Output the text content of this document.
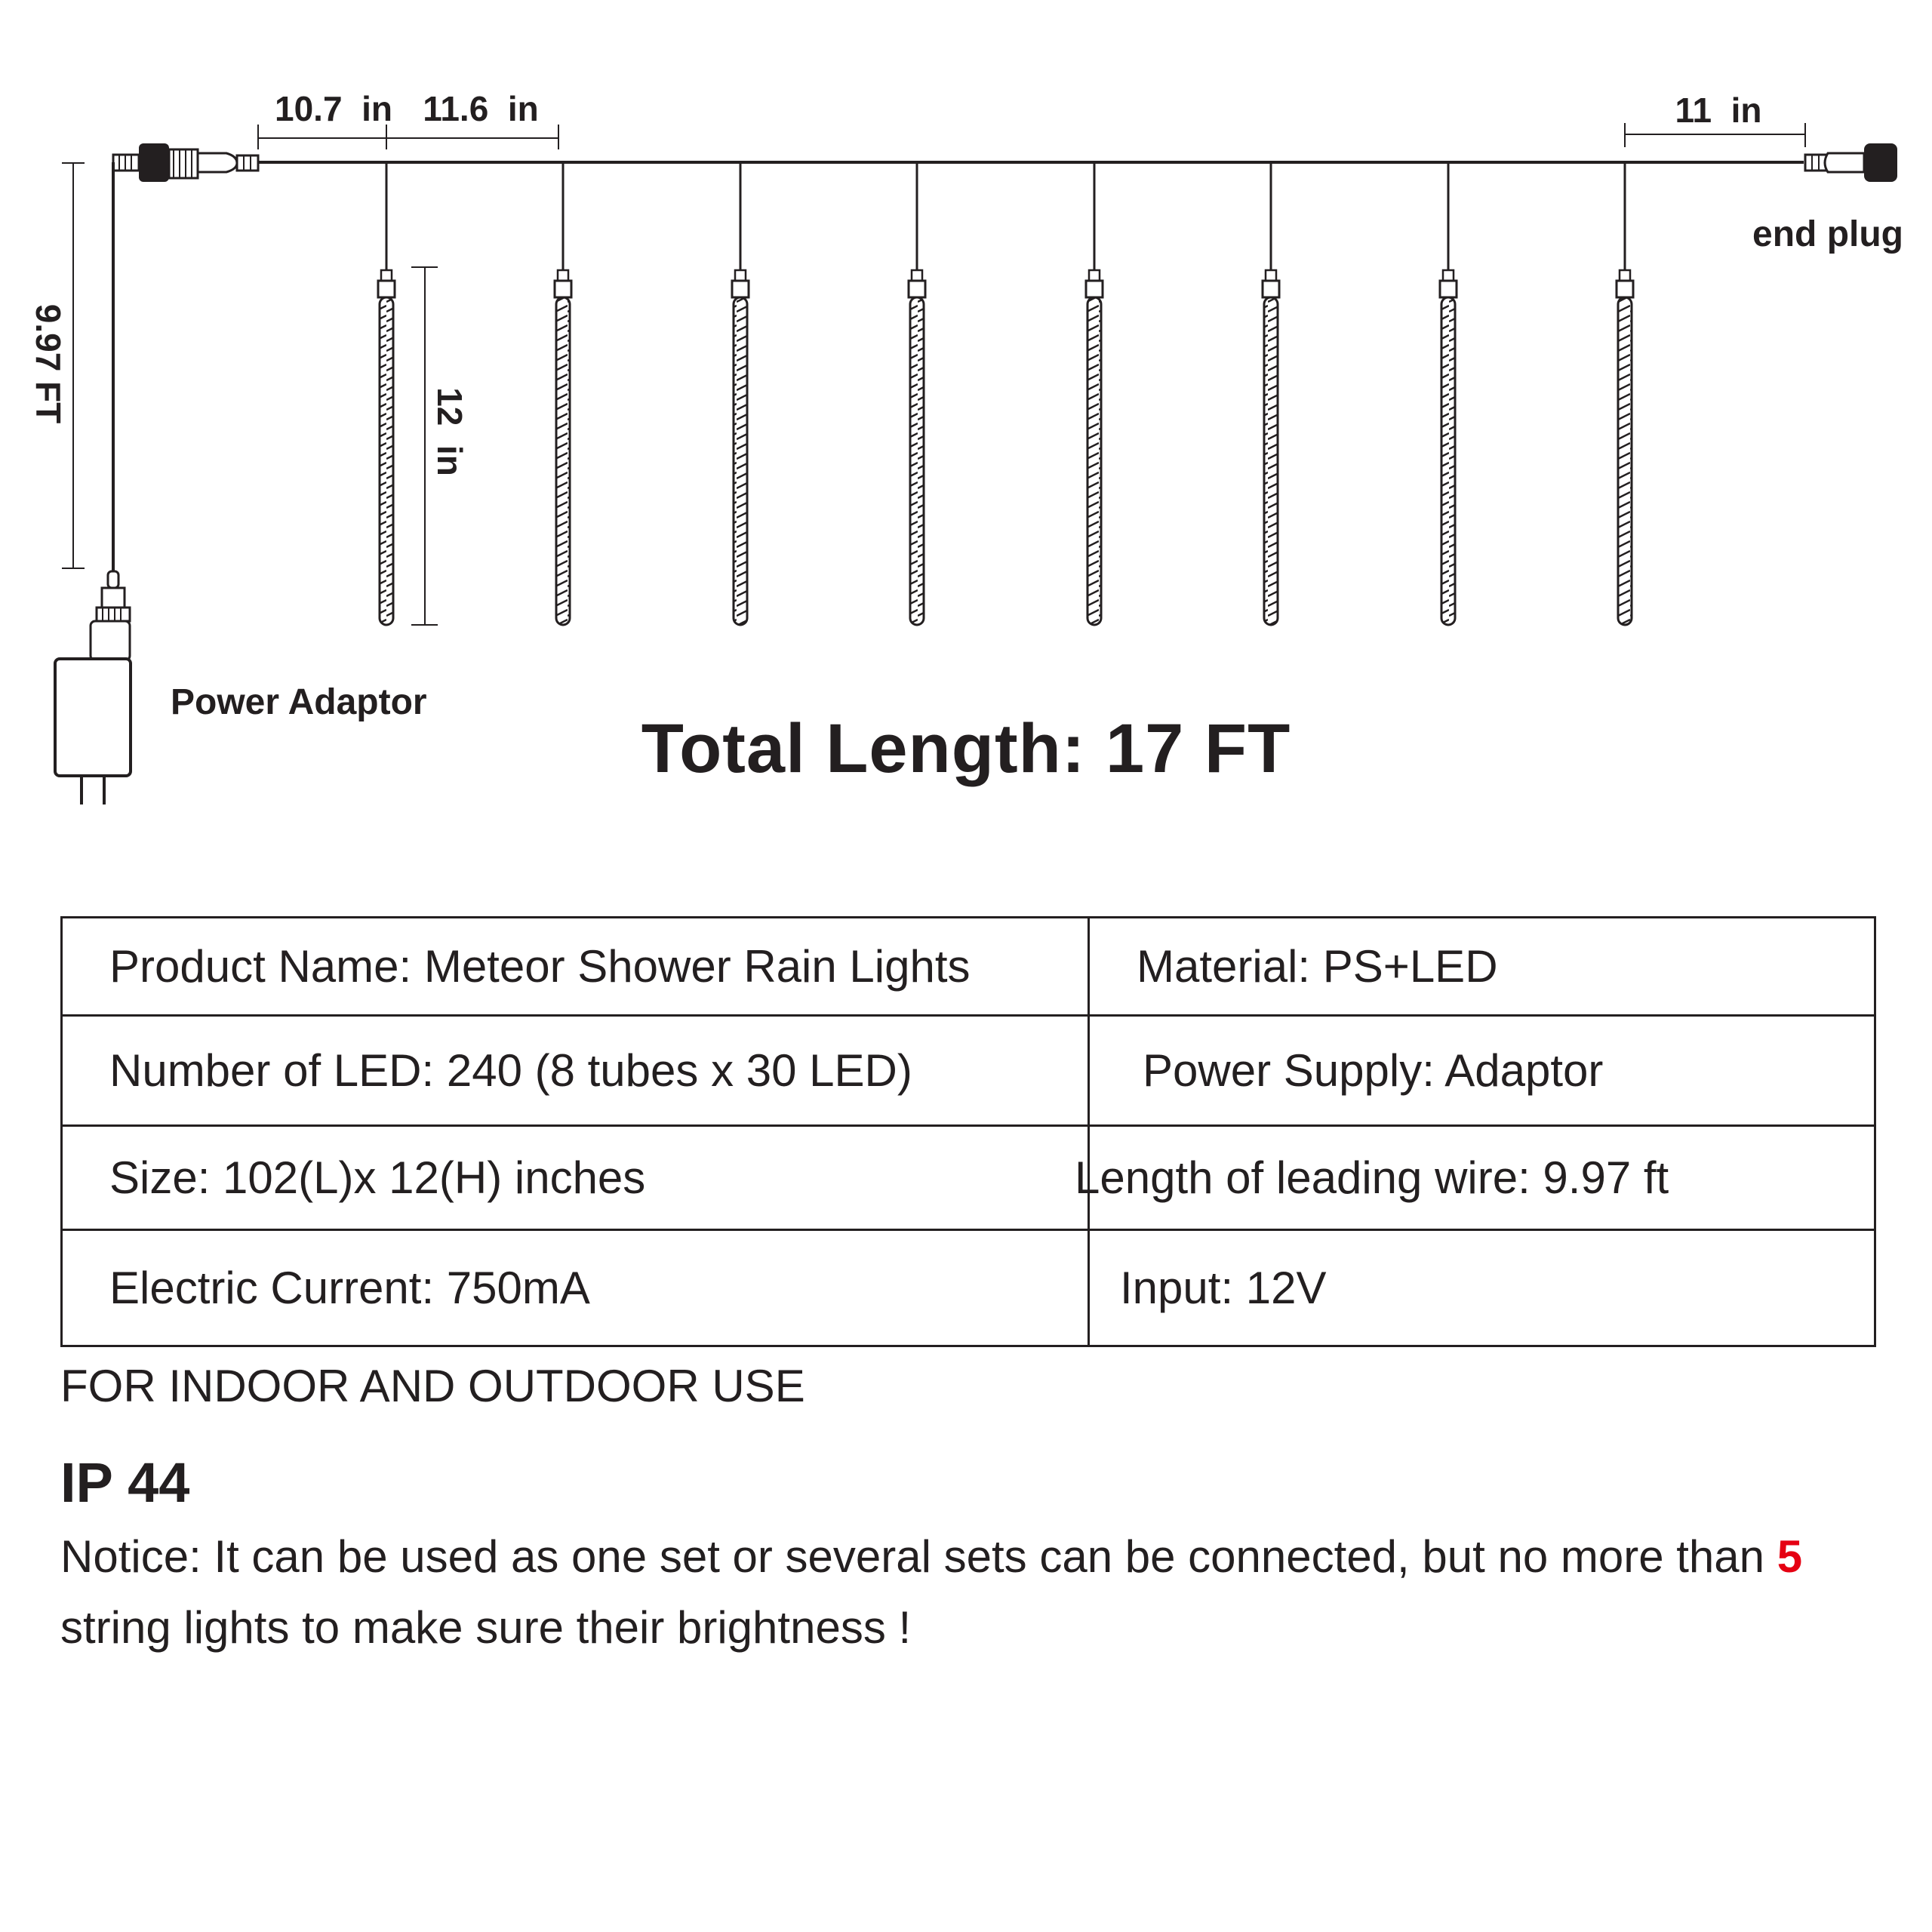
10.7  in 11.6  in	11  in
9.97 FT
12  in
end plug
Power Adaptor
Total Length: 17 FT
Product Name: Meteor Shower Rain Lights	Material: PS+LED
Number of LED: 240 (8 tubes x 30 LED)	Power Supply: Adaptor
Size: 102(L)x 12(H) inches	Length of leading wire: 9.97 ft
Electric Current: 750mA	Input: 12V
FOR INDOOR AND OUTDOOR USE
IP 44
Notice: It can be used as one set or several sets can be connected, but no more than 5 string lights to make sure their brightness !
